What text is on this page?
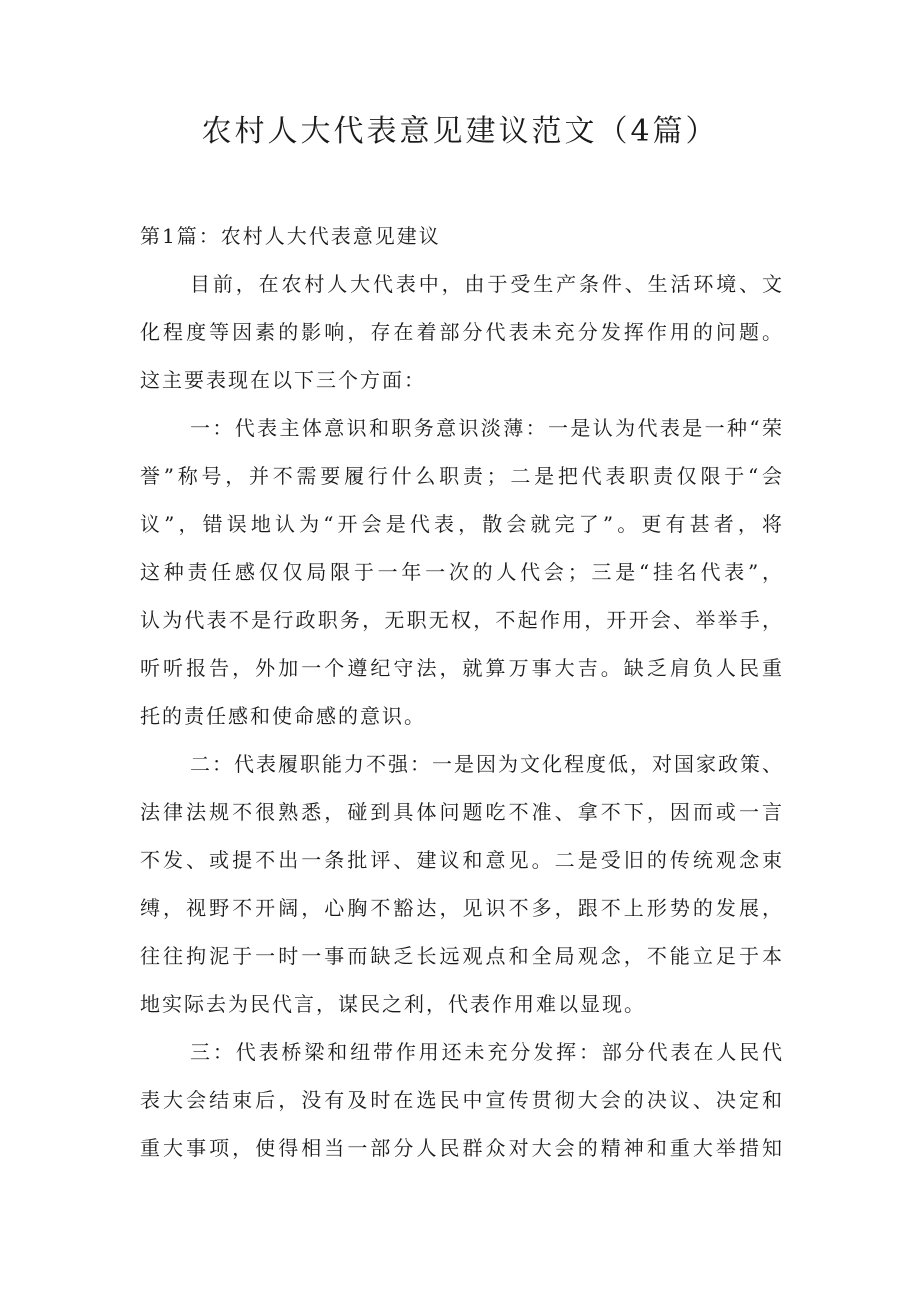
农村人大代表意见建议范文（4篇）
第1篇：农村人大代表意见建议
目前，在农村人大代表中，由于受生产条件、生活环境、文
化程度等因素的影响，存在着部分代表未充分发挥作用的问题。
这主要表现在以下三个方面：
一：代表主体意识和职务意识淡薄：一是认为代表是一种“荣
誉”称号，并不需要履行什么职责；二是把代表职责仅限于“会
议”，错误地认为“开会是代表，散会就完了”。更有甚者，将
这种责任感仅仅局限于一年一次的人代会；三是“挂名代表”，
认为代表不是行政职务，无职无权，不起作用，开开会、举举手，
听听报告，外加一个遵纪守法，就算万事大吉。缺乏肩负人民重
托的责任感和使命感的意识。
二：代表履职能力不强：一是因为文化程度低，对国家政策、
法律法规不很熟悉，碰到具体问题吃不准、拿不下，因而或一言
不发、或提不出一条批评、建议和意见。二是受旧的传统观念束
缚，视野不开阔，心胸不豁达，见识不多，跟不上形势的发展，
往往拘泥于一时一事而缺乏长远观点和全局观念，不能立足于本
地实际去为民代言，谋民之利，代表作用难以显现。
三：代表桥梁和纽带作用还未充分发挥：部分代表在人民代
表大会结束后，没有及时在选民中宣传贯彻大会的决议、决定和
重大事项，使得相当一部分人民群众对大会的精神和重大举措知
